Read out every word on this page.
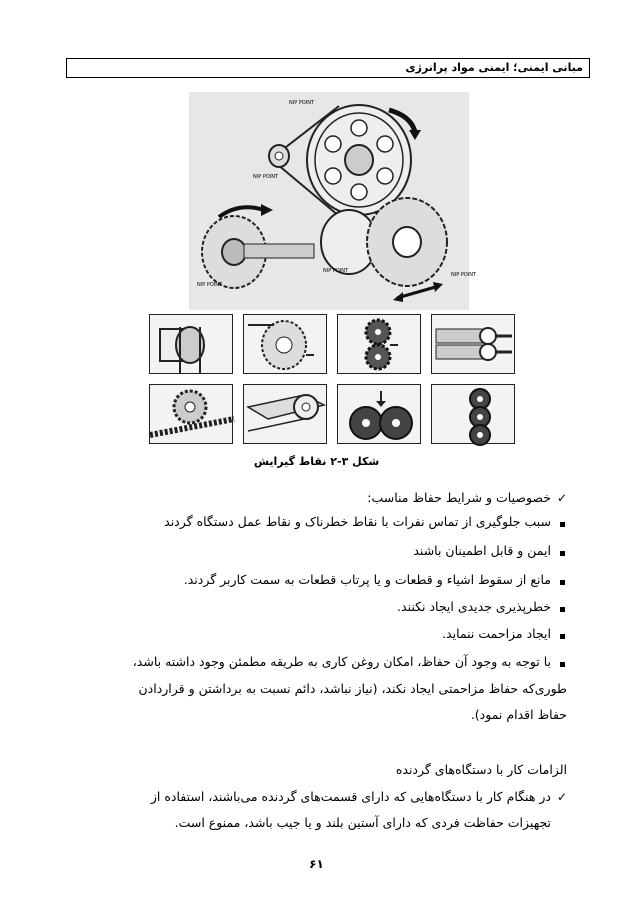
مبانی ایمنی؛ ایمنی مواد پرانرژی
NIP POINT
NIP POINT
NIP POINT
NIP POINT
NIP POINT
شکل ۳-۲ نقاط گیرایش
✓
خصوصیات و شرایط حفاظ مناسب:
سبب جلوگیری از تماس نفرات با نقاط خطرناک و نقاط عمل دستگاه گردند
ایمن و قابل اطمینان باشند
مانع از سقوط اشیاء و قطعات و یا پرتاب قطعات به سمت کاربر گردند.
خطرپذیری جدیدی ایجاد نکنند.
ایجاد مزاحمت ننماید.
با توجه به وجود آن حفاظ، امکان روغن کاری به طریقه مطمئن وجود داشته باشد،
طوری‌که حفاظ مزاحمتی ایجاد نکند، (نیاز نباشد، دائم نسبت به برداشتن و قراردادن
حفاظ اقدام نمود).
الزامات کار با دستگاه‌های گردنده
✓
در هنگام کار با دستگاه‌هایی که دارای قسمت‌های گردنده می‌باشند، استفاده از
تجهیزات حفاظت فردی که دارای آستین بلند و یا جیب باشد، ممنوع است.
۶۱
